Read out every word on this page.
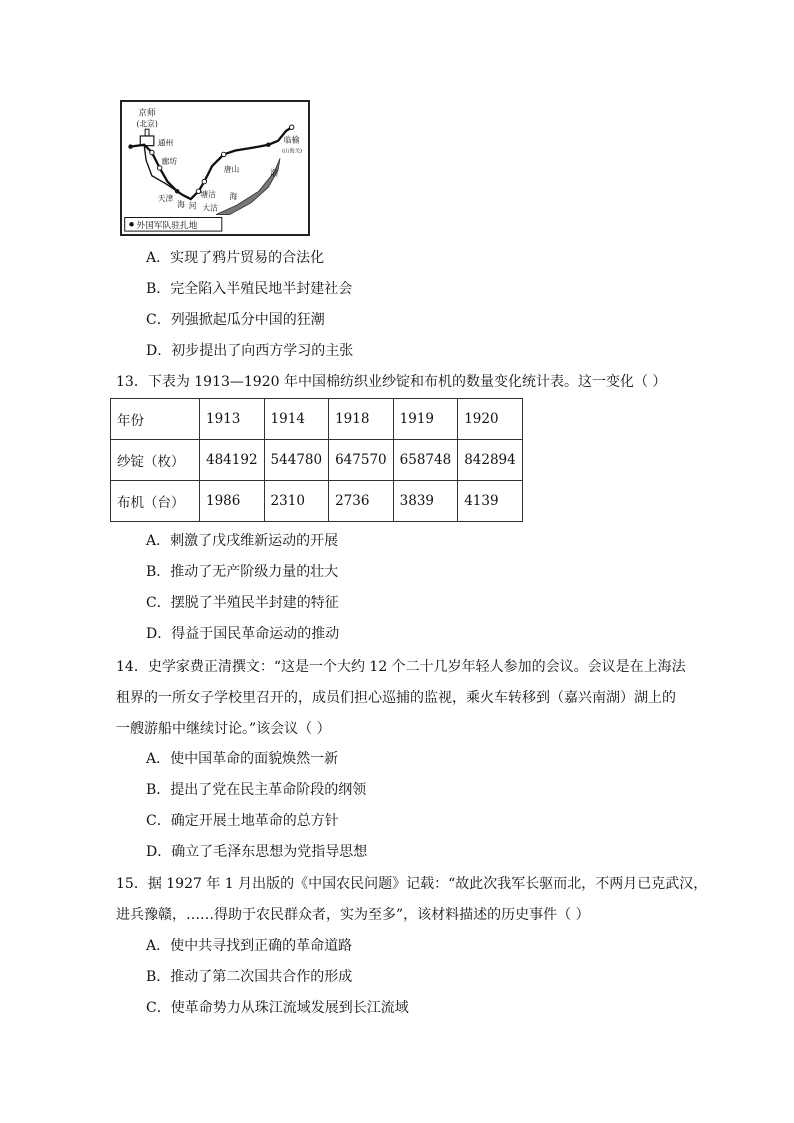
京师
(北京)
通州
廊坊
天津
海 河
塘沽
大沽
唐山
临榆
(山海关)
海
渤
外国军队驻扎地
A．实现了鸦片贸易的合法化
B．完全陷入半殖民地半封建社会
C．列强掀起瓜分中国的狂潮
D．初步提出了向西方学习的主张
13．下表为 1913—1920 年中国棉纺织业纱锭和布机的数量变化统计表。这一变化（ ）
年份	1913	1914	1918	1919	1920
纱锭（枚）	484192	544780	647570	658748	842894
布机（台）	1986	2310	2736	3839	4139
A．刺激了戊戌维新运动的开展
B．推动了无产阶级力量的壮大
C．摆脱了半殖民半封建的特征
D．得益于国民革命运动的推动
14．史学家费正清撰文：“这是一个大约 12 个二十几岁年轻人参加的会议。会议是在上海法
租界的一所女子学校里召开的，成员们担心巡捕的监视，乘火车转移到（嘉兴南湖）湖上的
一艘游船中继续讨论。”该会议（ ）
A．使中国革命的面貌焕然一新
B．提出了党在民主革命阶段的纲领
C．确定开展土地革命的总方针
D．确立了毛泽东思想为党指导思想
15．据 1927 年 1 月出版的《中国农民问题》记载：“故此次我军长驱而北，不两月已克武汉，
进兵豫赣，……得助于农民群众者，实为至多”，该材料描述的历史事件（ ）
A．使中共寻找到正确的革命道路
B．推动了第二次国共合作的形成
C．使革命势力从珠江流域发展到长江流域
